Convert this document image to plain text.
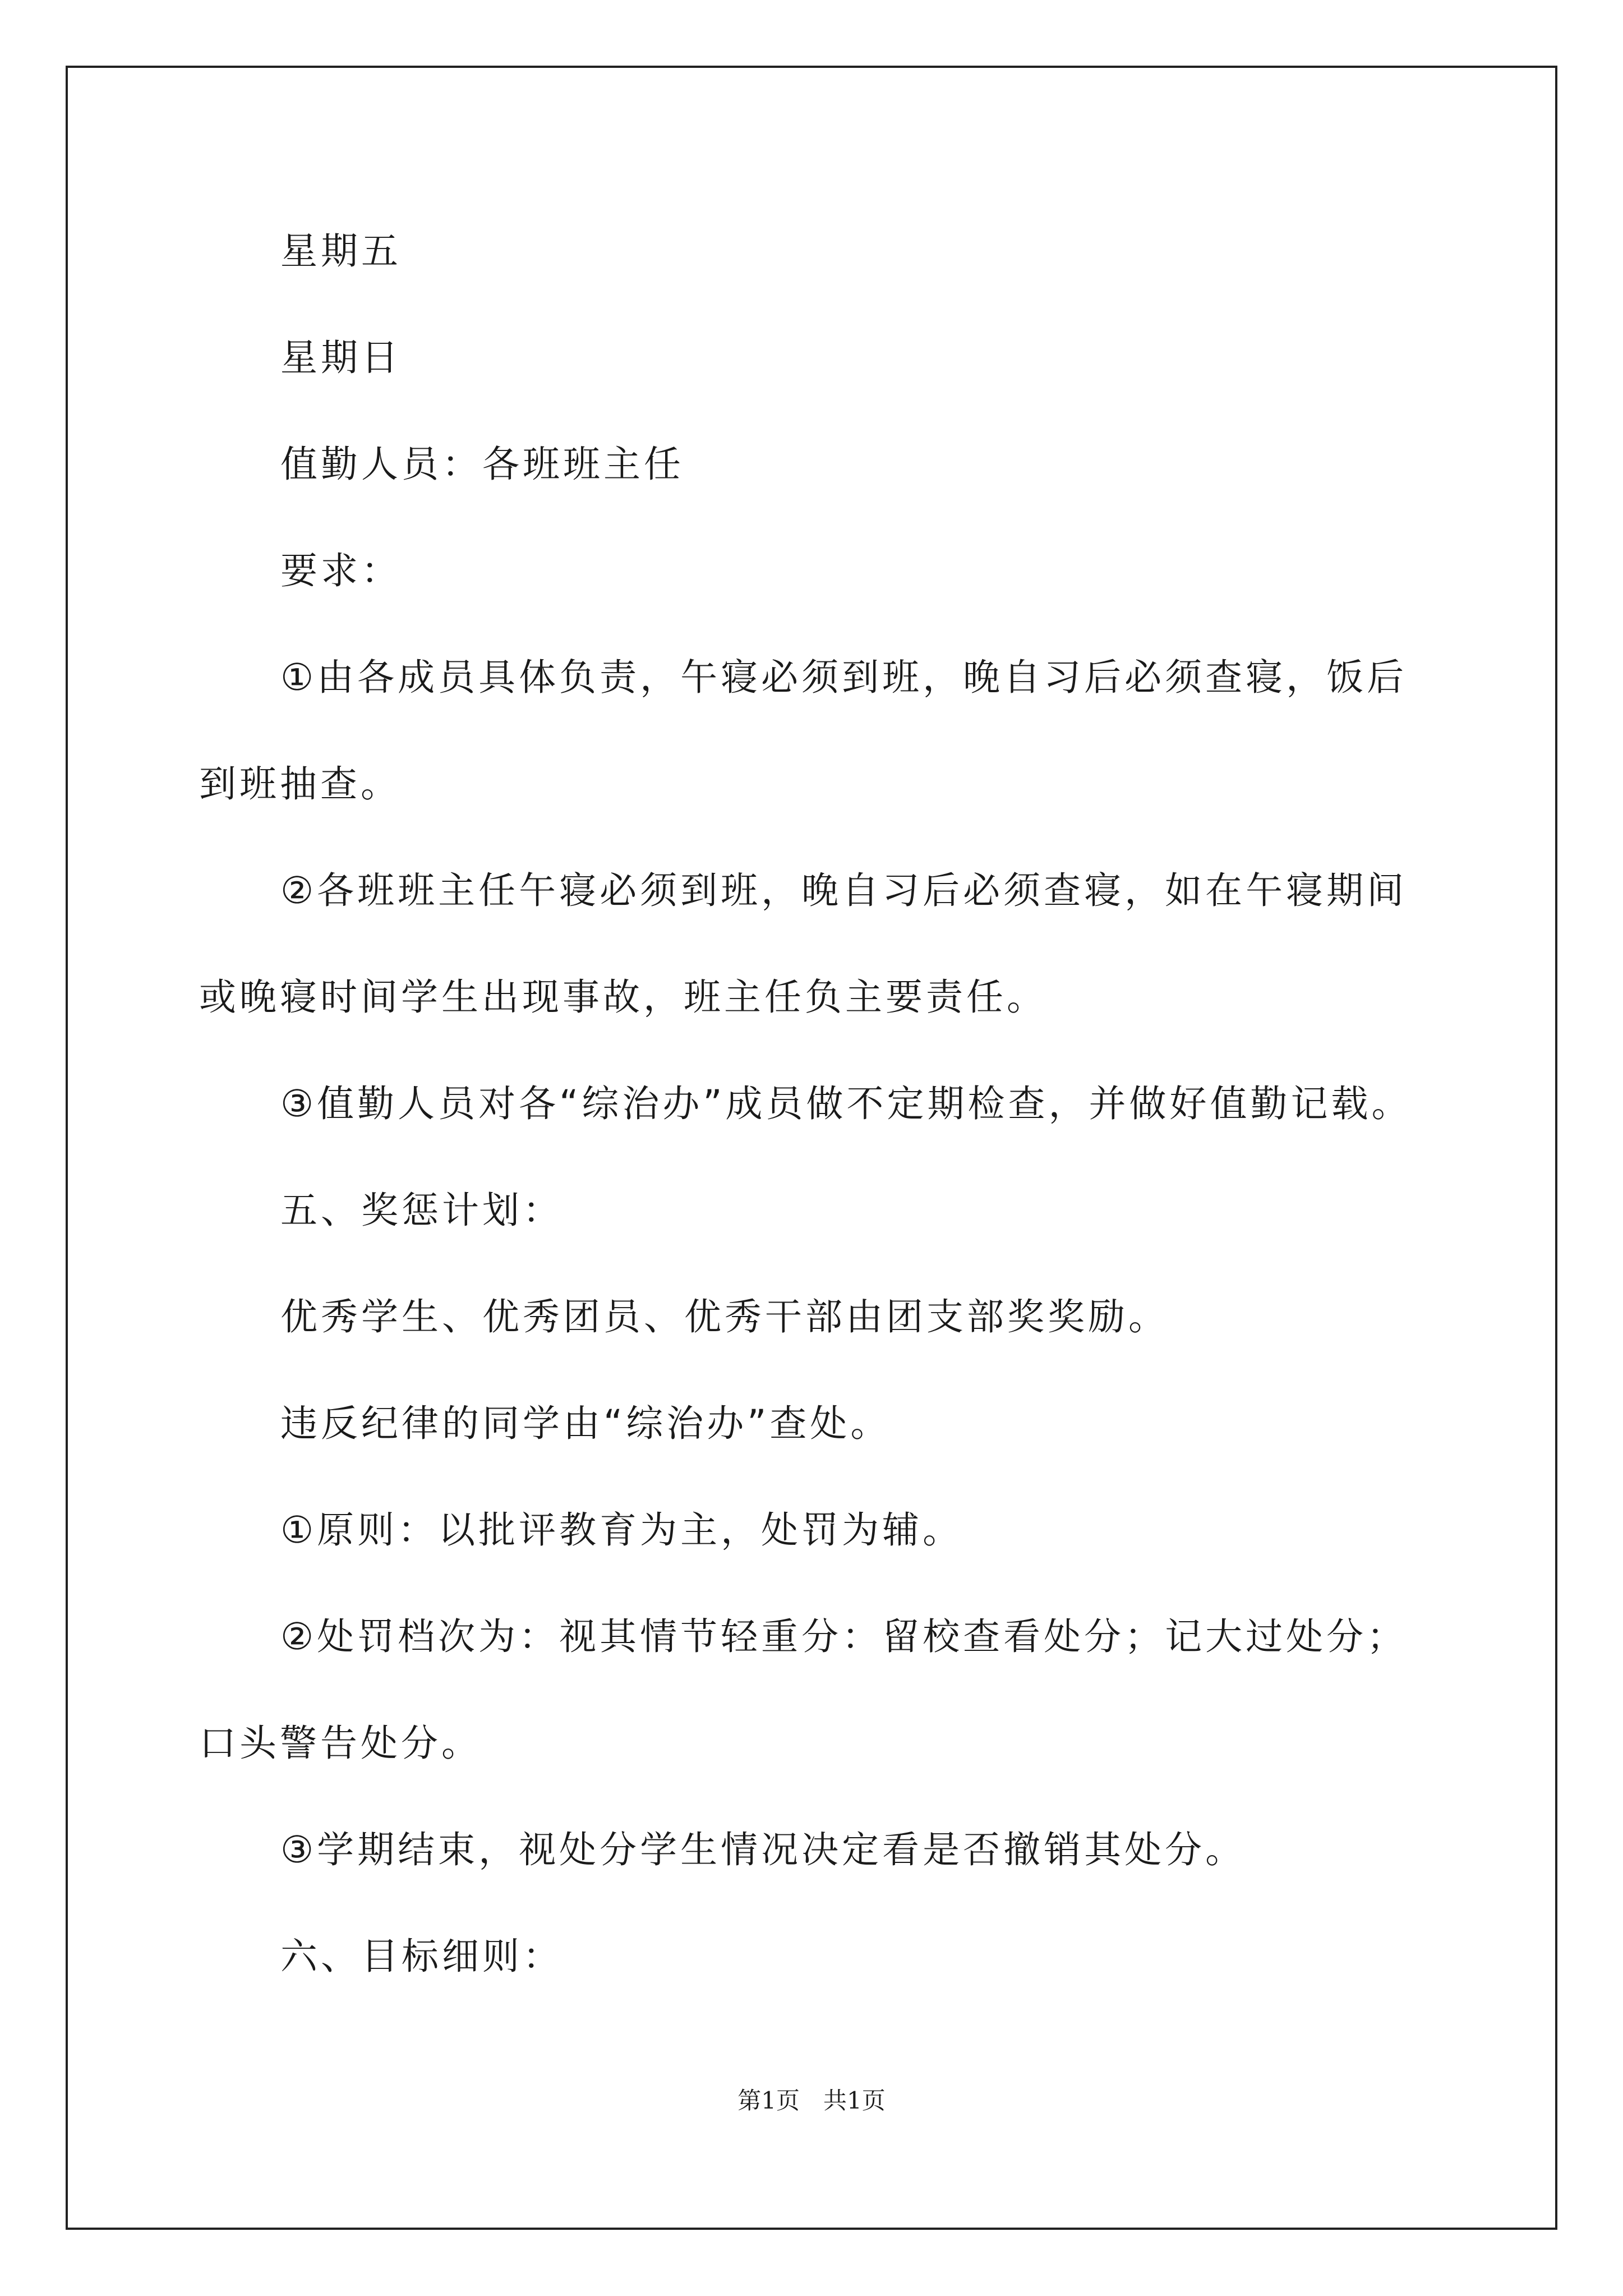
星期五
星期日
值勤人员：各班班主任
要求：
①由各成员具体负责，午寝必须到班，晚自习后必须查寝，饭后
到班抽查。
②各班班主任午寝必须到班，晚自习后必须查寝，如在午寝期间
或晚寝时间学生出现事故，班主任负主要责任。
③值勤人员对各“综治办”成员做不定期检查，并做好值勤记载。
五、奖惩计划：
优秀学生、优秀团员、优秀干部由团支部奖奖励。
违反纪律的同学由“综治办”查处。
①原则：以批评教育为主，处罚为辅。
②处罚档次为：视其情节轻重分：留校查看处分；记大过处分；
口头警告处分。
③学期结束，视处分学生情况决定看是否撤销其处分。
六、目标细则：
第1页　共1页
